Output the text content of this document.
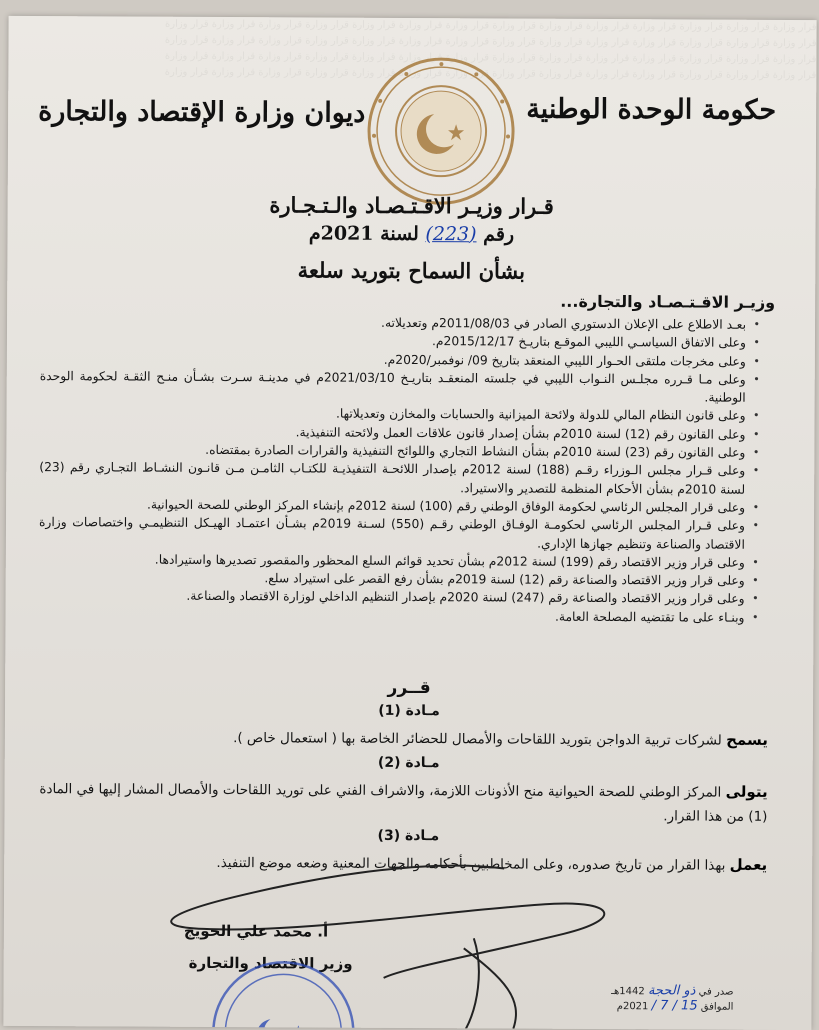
قرار وزارة قرار وزارة قرار وزارة قرار وزارة قرار وزارة قرار وزارة قرار وزارة قرار وزارة قرار وزارة قرار وزارة قرار وزارة قرار وزارة قرار وزارة قرار وزارة
قرار وزارة قرار وزارة قرار وزارة قرار وزارة قرار وزارة قرار وزارة قرار وزارة قرار وزارة قرار وزارة قرار وزارة قرار وزارة قرار وزارة قرار وزارة قرار وزارة
قرار وزارة قرار وزارة قرار وزارة قرار وزارة قرار وزارة قرار وزارة قرار وزارة قرار وزارة قرار وزارة قرار وزارة قرار وزارة قرار وزارة قرار وزارة قرار وزارة
قرار وزارة قرار وزارة قرار وزارة قرار وزارة قرار وزارة قرار وزارة قرار وزارة قرار وزارة قرار وزارة قرار وزارة قرار وزارة قرار وزارة قرار وزارة قرار وزارة
حكومة الوحدة الوطنية
ديوان وزارة الإقتصاد والتجارة
قـرار وزيـر الاقـتـصـاد والـتـجـارة
رقم (223) لسنة 2021م
بشأن السماح بتوريد سلعة
وزيـر الاقـتـصـاد والتجارة...
• بعـد الاطلاع على الإعلان الدستوري الصادر في 2011/08/03م وتعديلاته.
• وعلى الاتفاق السياسـي الليبي الموقـع بتاريـخ 2015/12/17م.
• وعلى مخرجات ملتقى الحـوار الليبي المنعقد بتاريخ 09/ نوفمبر/2020م.
• وعلى مـا قـرره مجلـس النـواب الليبي في جلسته المنعقـد بتاريـخ 2021/03/10م في مدينـة سـرت بشـأن منـح الثقـة لحكومة الوحدة الوطنية.
• وعلى قانون النظام المالي للدولة ولائحة الميزانية والحسابات والمخازن وتعديلاتها.
• وعلى القانون رقم (12) لسنة 2010م بشأن إصدار قانون علاقات العمل ولائحته التنفيذية.
• وعلى القانون رقم (23) لسنة 2010م بشأن النشاط التجاري واللوائح التنفيذية والقرارات الصادرة بمقتضاه.
• وعلى قـرار مجلس الـوزراء رقـم (188) لسنة 2012م بإصدار اللائحـة التنفيذيـة للكتـاب الثامـن مـن قانـون النشـاط التجـاري رقم (23) لسنة 2010م بشأن الأحكام المنظمة للتصدير والاستيراد.
• وعلى قرار المجلس الرئاسي لحكومة الوفاق الوطني رقم (100) لسنة 2012م بإنشاء المركز الوطني للصحة الحيوانية.
• وعلى قـرار المجلس الرئاسي لحكومـة الوفـاق الوطني رقـم (550) لسـنة 2019م بشـأن اعتمـاد الهيـكل التنظيمـي واختصاصات وزارة الاقتصاد والصناعة وتنظيم جهازها الإداري.
• وعلى قرار وزير الاقتصاد رقم (199) لسنة 2012م بشأن تحديد قوائم السلع المحظور والمقصور تصديرها واستيرادها.
• وعلى قرار وزير الاقتصاد والصناعة رقم (12) لسنة 2019م بشأن رفع القصر على استيراد سلع.
• وعلى قرار وزير الاقتصاد والصناعة رقم (247) لسنة 2020م بإصدار التنظيم الداخلي لوزارة الاقتصاد والصناعة.
• وبنـاء على ما تقتضيه المصلحة العامة.
قــرر
مـادة (1)

يسمح لشركات تربية الدواجن بتوريد اللقاحات والأمصال للحضائر الخاصة بها ( استعمال خاص ).

مـادة (2)

يتولى المركز الوطني للصحة الحيوانية منح الأذونات اللازمة، والاشراف الفني على توريد اللقاحات والأمصال المشار إليها في المادة (1) من هذا القرار.

مـادة (3)

يعمل بهذا القرار من تاريخ صدوره، وعلى المخاطبين بأحكامه والجهات المعنية وضعه موضع التنفيذ.

أ. محمد علي الحويج
وزير الاقتصاد والتجارة
صدر في ذو الحجة 1442هـ
الموافق 15 / 7 / 2021م
